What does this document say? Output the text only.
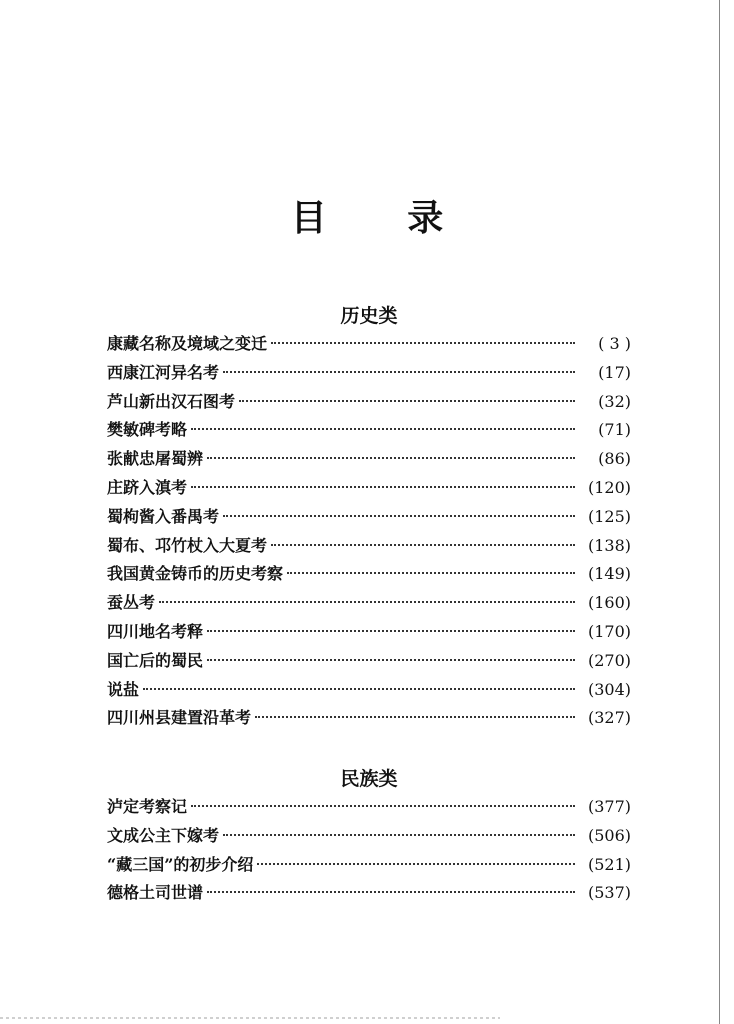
目 录
历史类
康藏名称及境域之变迁	( 3 )
西康江河异名考	(17)
芦山新出汉石图考	(32)
樊敏碑考略	(71)
张献忠屠蜀辨	(86)
庄跻入滇考	(120)
蜀枸酱入番禺考	(125)
蜀布、邛竹杖入大夏考	(138)
我国黄金铸币的历史考察	(149)
蚕丛考	(160)
四川地名考释	(170)
国亡后的蜀民	(270)
说盐	(304)
四川州县建置沿革考	(327)
民族类
泸定考察记	(377)
文成公主下嫁考	(506)
“藏三国”的初步介绍	(521)
德格土司世谱	(537)
